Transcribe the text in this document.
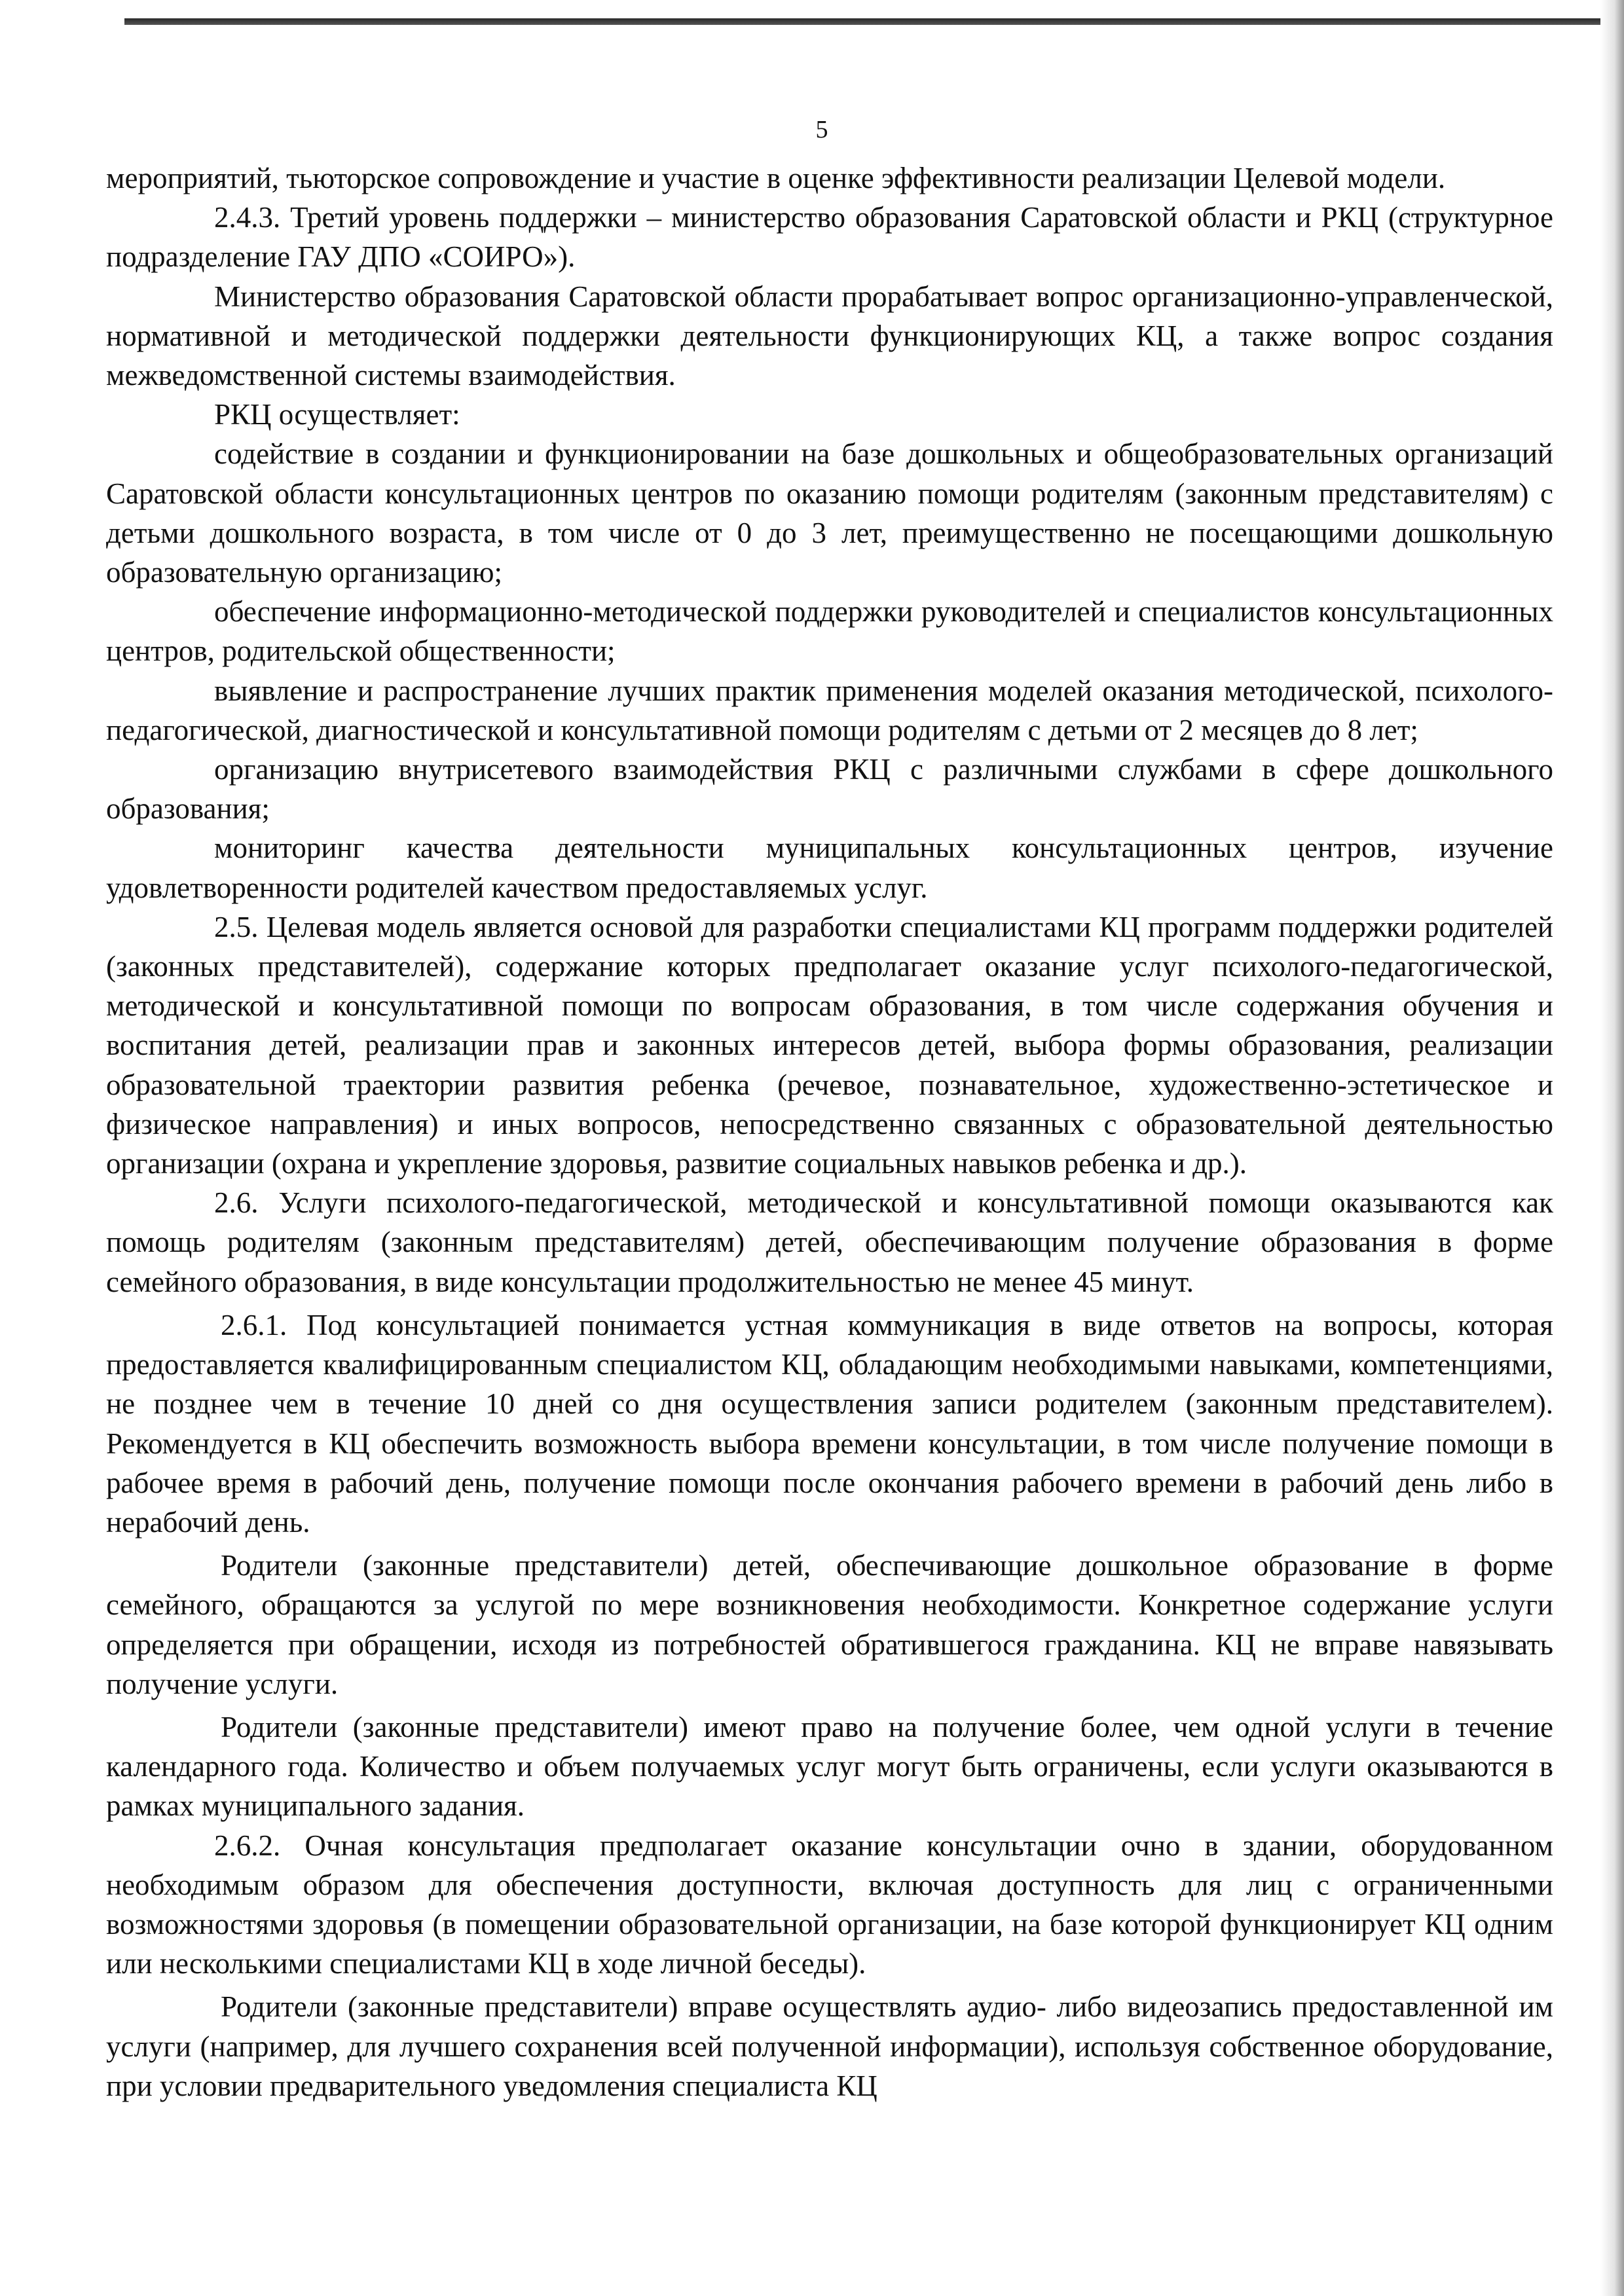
5

мероприятий, тьюторское сопровождение и участие в оценке эффективности реализации Целевой модели.

2.4.3. Третий уровень поддержки – министерство образования Саратовской области и РКЦ (структурное подразделение ГАУ ДПО «СОИРО»).

Министерство образования Саратовской области прорабатывает вопрос организационно-управленческой, нормативной и методической поддержки деятельности функционирующих КЦ, а также вопрос создания межведомственной системы взаимодействия.

РКЦ осуществляет:

содействие в создании и функционировании на базе дошкольных и общеобразовательных организаций Саратовской области консультационных центров по оказанию помощи родителям (законным представителям) с детьми дошкольного возраста, в том числе от 0 до 3 лет, преимущественно не посещающими дошкольную образовательную организацию;

обеспечение информационно-методической поддержки руководителей и специалистов консультационных центров, родительской общественности;

выявление и распространение лучших практик применения моделей оказания методической, психолого-педагогической, диагностической и консультативной помощи родителям с детьми от 2 месяцев до 8 лет;

организацию внутрисетевого взаимодействия РКЦ с различными службами в сфере дошкольного образования;

мониторинг качества деятельности муниципальных консультационных центров, изучение удовлетворенности родителей качеством предоставляемых услуг.

2.5. Целевая модель является основой для разработки специалистами КЦ программ поддержки родителей (законных представителей), содержание которых предполагает оказание услуг психолого-педагогической, методической и консультативной помощи по вопросам образования, в том числе содержания обучения и воспитания детей, реализации прав и законных интересов детей, выбора формы образования, реализации образовательной траектории развития ребенка (речевое, познавательное, художественно-эстетическое и физическое направления) и иных вопросов, непосредственно связанных с образовательной деятельностью организации (охрана и укрепление здоровья, развитие социальных навыков ребенка и др.).

2.6. Услуги психолого-педагогической, методической и консультативной помощи оказываются как помощь родителям (законным представителям) детей, обеспечивающим получение образования в форме семейного образования, в виде консультации продолжительностью не менее 45 минут.

2.6.1. Под консультацией понимается устная коммуникация в виде ответов на вопросы, которая предоставляется квалифицированным специалистом КЦ, обладающим необходимыми навыками, компетенциями, не позднее чем в течение 10 дней со дня осуществления записи родителем (законным представителем). Рекомендуется в КЦ обеспечить возможность выбора времени консультации, в том числе получение помощи в рабочее время в рабочий день, получение помощи после окончания рабочего времени в рабочий день либо в нерабочий день.

Родители (законные представители) детей, обеспечивающие дошкольное образование в форме семейного, обращаются за услугой по мере возникновения необходимости. Конкретное содержание услуги определяется при обращении, исходя из потребностей обратившегося гражданина. КЦ не вправе навязывать получение услуги.

Родители (законные представители) имеют право на получение более, чем одной услуги в течение календарного года. Количество и объем получаемых услуг могут быть ограничены, если услуги оказываются в рамках муниципального задания.

2.6.2. Очная консультация предполагает оказание консультации очно в здании, оборудованном необходимым образом для обеспечения доступности, включая доступность для лиц с ограниченными возможностями здоровья (в помещении образовательной организации, на базе которой функционирует КЦ одним или несколькими специалистами КЦ в ходе личной беседы).

Родители (законные представители) вправе осуществлять аудио- либо видеозапись предоставленной им услуги (например, для лучшего сохранения всей полученной информации), используя собственное оборудование, при условии предварительного уведомления специалиста КЦ
